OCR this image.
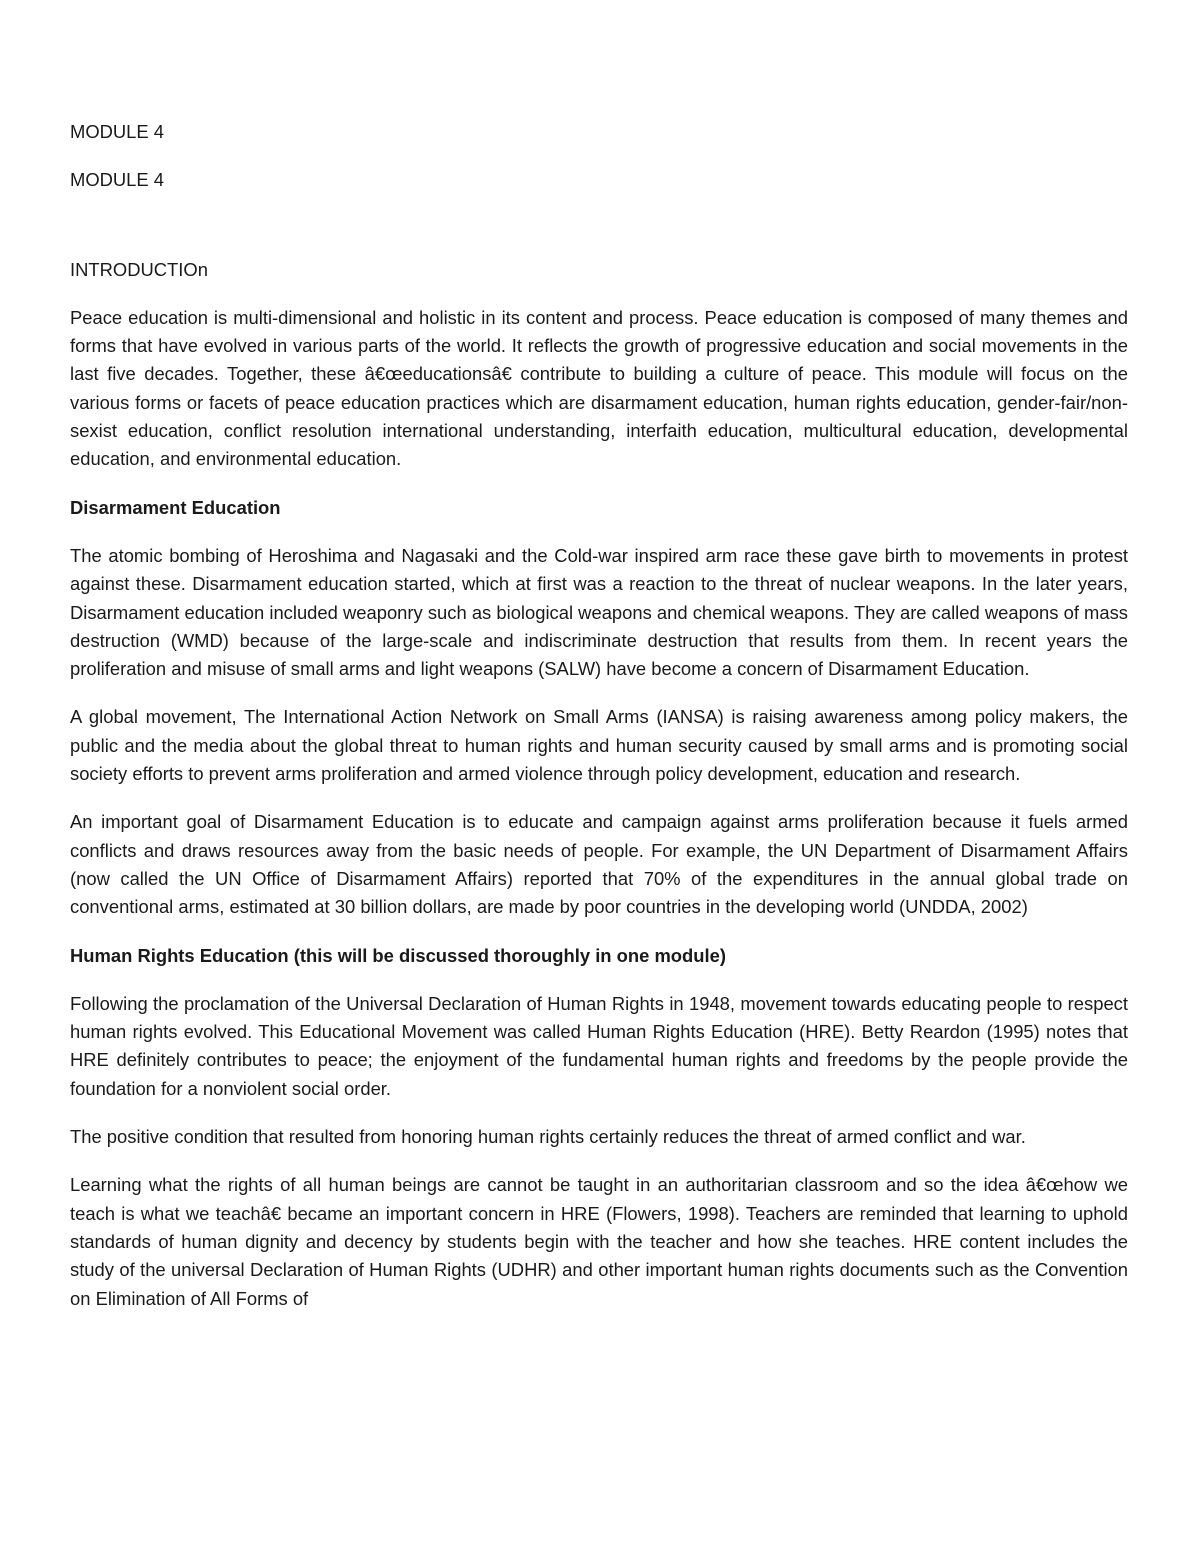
MODULE 4
MODULE 4
INTRODUCTIOn

Peace education is multi-dimensional and holistic in its content and process. Peace education is composed of many themes and forms that have evolved in various parts of the world. It reflects the growth of progressive education and social movements in the last five decades. Together, these â€œeducationsâ€ contribute to building a culture of peace. This module will focus on the various forms or facets of peace education practices which are disarmament education, human rights education, gender-fair/non-sexist education, conflict resolution international understanding, interfaith education, multicultural education, developmental education, and environmental education.

Disarmament Education

The atomic bombing of Heroshima and Nagasaki and the Cold-war inspired arm race these gave birth to movements in protest against these. Disarmament education started, which at first was a reaction to the threat of nuclear weapons. In the later years, Disarmament education included weaponry such as biological weapons and chemical weapons. They are called weapons of mass destruction (WMD) because of the large-scale and indiscriminate destruction that results from them. In recent years the proliferation and misuse of small arms and light weapons (SALW) have become a concern of Disarmament Education.

A global movement, The International Action Network on Small Arms (IANSA) is raising awareness among policy makers, the public and the media about the global threat to human rights and human security caused by small arms and is promoting social society efforts to prevent arms proliferation and armed violence through policy development, education and research.

An important goal of Disarmament Education is to educate and campaign against arms proliferation because it fuels armed conflicts and draws resources away from the basic needs of people. For example, the UN Department of Disarmament Affairs (now called the UN Office of Disarmament Affairs) reported that 70% of the expenditures in the annual global trade on conventional arms, estimated at 30 billion dollars, are made by poor countries in the developing world (UNDDA, 2002)

Human Rights Education (this will be discussed thoroughly in one module)

Following the proclamation of the Universal Declaration of Human Rights in 1948, movement towards educating people to respect human rights evolved. This Educational Movement was called Human Rights Education (HRE). Betty Reardon (1995) notes that HRE definitely contributes to peace; the enjoyment of the fundamental human rights and freedoms by the people provide the foundation for a nonviolent social order.

The positive condition that resulted from honoring human rights certainly reduces the threat of armed conflict and war.

Learning what the rights of all human beings are cannot be taught in an authoritarian classroom and so the idea â€œhow we teach is what we teachâ€ became an important concern in HRE (Flowers, 1998). Teachers are reminded that learning to uphold standards of human dignity and decency by students begin with the teacher and how she teaches. HRE content includes the study of the universal Declaration of Human Rights (UDHR) and other important human rights documents such as the Convention on Elimination of All Forms of
